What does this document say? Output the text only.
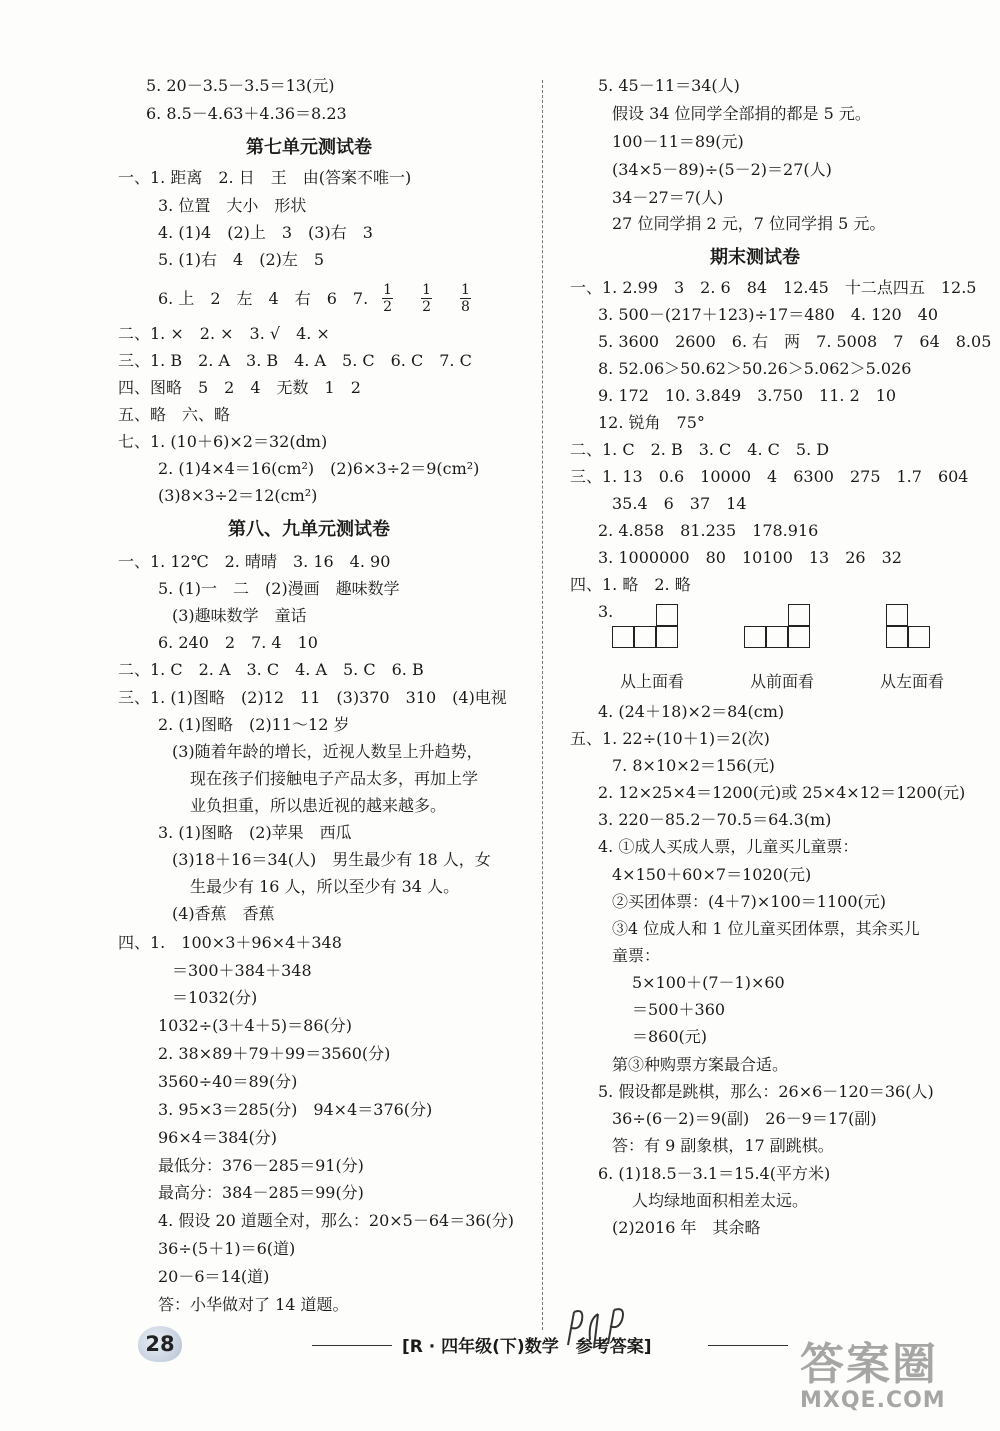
5. 20－3.5－3.5＝13(元)
6. 8.5－4.63＋4.36＝8.23
第七单元测试卷
一、1. 距离　2. 日　王　由(答案不唯一)
3. 位置　大小　形状
4. (1)4　(2)上　3　(3)右　3
5. (1)右　4　(2)左　5
6. 上　2　左　4　右　6　7. $\frac{1}{2} \frac{1}{2} \frac{1}{8}$
二、1. ×　2. ×　3. √　4. ×
三、1. B　2. A　3. B　4. A　5. C　6. C　7. C
四、图略　5　2　4　无数　1　2
五、略　六、略
七、1. (10＋6)×2＝32(dm)
2. (1)4×4＝16(cm²)　(2)6×3÷2＝9(cm²)
(3)8×3÷2＝12(cm²)
第八、九单元测试卷
一、1. 12℃　2. 晴晴　3. 16　4. 90
5. (1)一　二　(2)漫画　趣味数学
(3)趣味数学　童话
6. 240　2　7. 4　10
二、1. C　2. A　3. C　4. A　5. C　6. B
三、1. (1)图略　(2)12　11　(3)370　310　(4)电视
2. (1)图略　(2)11～12 岁
(3)随着年龄的增长，近视人数呈上升趋势，
现在孩子们接触电子产品太多，再加上学
业负担重，所以患近视的越来越多。
3. (1)图略　(2)苹果　西瓜
(3)18＋16＝34(人)　男生最少有 18 人，女
生最少有 16 人，所以至少有 34 人。
(4)香蕉　香蕉
四、1.　100×3＋96×4＋348
＝300＋384＋348
＝1032(分)
1032÷(3＋4＋5)＝86(分)
2. 38×89＋79＋99＝3560(分)
3560÷40＝89(分)
3. 95×3＝285(分)　94×4＝376(分)
96×4＝384(分)
最低分：376－285＝91(分)
最高分：384－285＝99(分)
4. 假设 20 道题全对，那么：20×5－64＝36(分)
36÷(5＋1)＝6(道)
20－6＝14(道)
答：小华做对了 14 道题。
5. 45－11＝34(人)
假设 34 位同学全部捐的都是 5 元。
100－11＝89(元)
(34×5－89)÷(5－2)＝27(人)
34－27＝7(人)
27 位同学捐 2 元，7 位同学捐 5 元。
期末测试卷
一、1. 2.99　3　2. 6　84　12.45　十二点四五　12.5
3. 500－(217＋123)÷17＝480　4. 120　40
5. 3600　2600　6. 右　两　7. 5008　7　64　8.05
8. 52.06＞50.62＞50.26＞5.062＞5.026
9. 172　10. 3.849　3.750　11. 2　10
12. 锐角　75°
二、1. C　2. B　3. C　4. C　5. D
三、1. 13　0.6　10000　4　6300　275　1.7　604
35.4　6　37　14
2. 4.858　81.235　178.916
3. 1000000　80　10100　13　26　32
四、1. 略　2. 略
3.
从上面看	从前面看	从左面看
4. (24＋18)×2＝84(cm)
五、1. 22÷(10＋1)＝2(次)
7. 8×10×2＝156(元)
2. 12×25×4＝1200(元)或 25×4×12＝1200(元)
3. 220－85.2－70.5＝64.3(m)
4. ①成人买成人票，儿童买儿童票：
4×150＋60×7＝1020(元)
②买团体票：(4＋7)×100＝1100(元)
③4 位成人和 1 位儿童买团体票，其余买儿
童票：
5×100＋(7－1)×60
＝500＋360
＝860(元)
第③种购票方案最合适。
5. 假设都是跳棋，那么：26×6－120＝36(人)
36÷(6－2)＝9(副)　26－9＝17(副)
答：有 9 副象棋，17 副跳棋。
6. (1)18.5－3.1＝15.4(平方米)
人均绿地面积相差太远。
(2)2016 年　其余略
28	[R · 四年级(下)数学　参考答案]	答案圈
MXQE.COM
